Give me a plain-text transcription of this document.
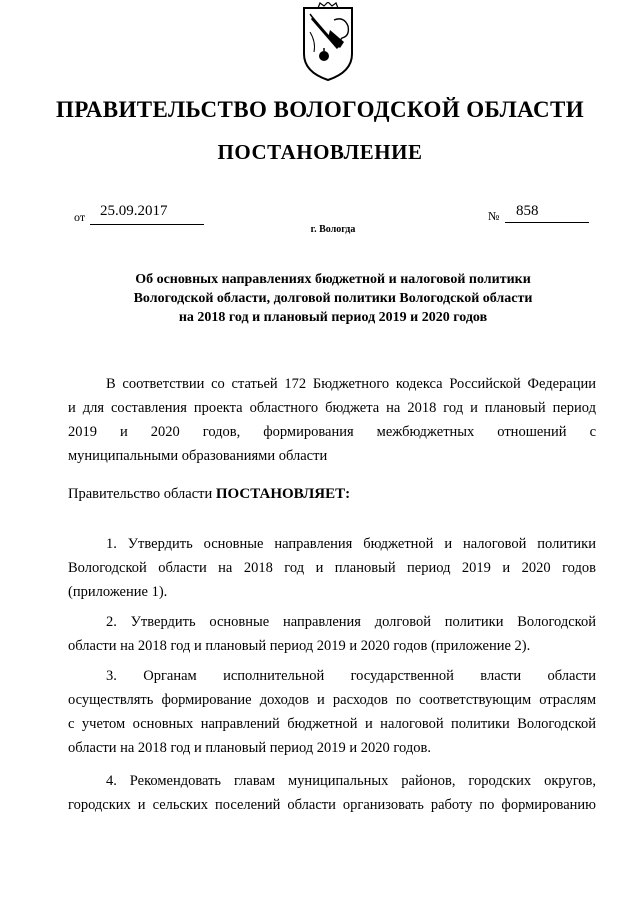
ПРАВИТЕЛЬСТВО ВОЛОГОДСКОЙ ОБЛАСТИ
ПОСТАНОВЛЕНИЕ
от 25.09.2017	№ 858
г. Вологда
Об основных направлениях бюджетной и налоговой политики
Вологодской области, долговой политики Вологодской области
на 2018 год и плановый период 2019 и 2020 годов
В соответствии со статьей 172 Бюджетного кодекса Российской Федерации
и для составления проекта областного бюджета на 2018 год и плановый период
2019 и 2020 годов, формирования межбюджетных отношений с
муниципальными образованиями области
Правительство области ПОСТАНОВЛЯЕТ:
1. Утвердить основные направления бюджетной и налоговой политики
Вологодской области на 2018 год и плановый период 2019 и 2020 годов
(приложение 1).
2. Утвердить основные направления долговой политики Вологодской
области на 2018 год и плановый период 2019 и 2020 годов (приложение 2).
3. Органам исполнительной государственной власти области
осуществлять формирование доходов и расходов по соответствующим отраслям
с учетом основных направлений бюджетной и налоговой политики Вологодской
области на 2018 год и плановый период 2019 и 2020 годов.
4. Рекомендовать главам муниципальных районов, городских округов,
городских и сельских поселений области организовать работу по формированию
